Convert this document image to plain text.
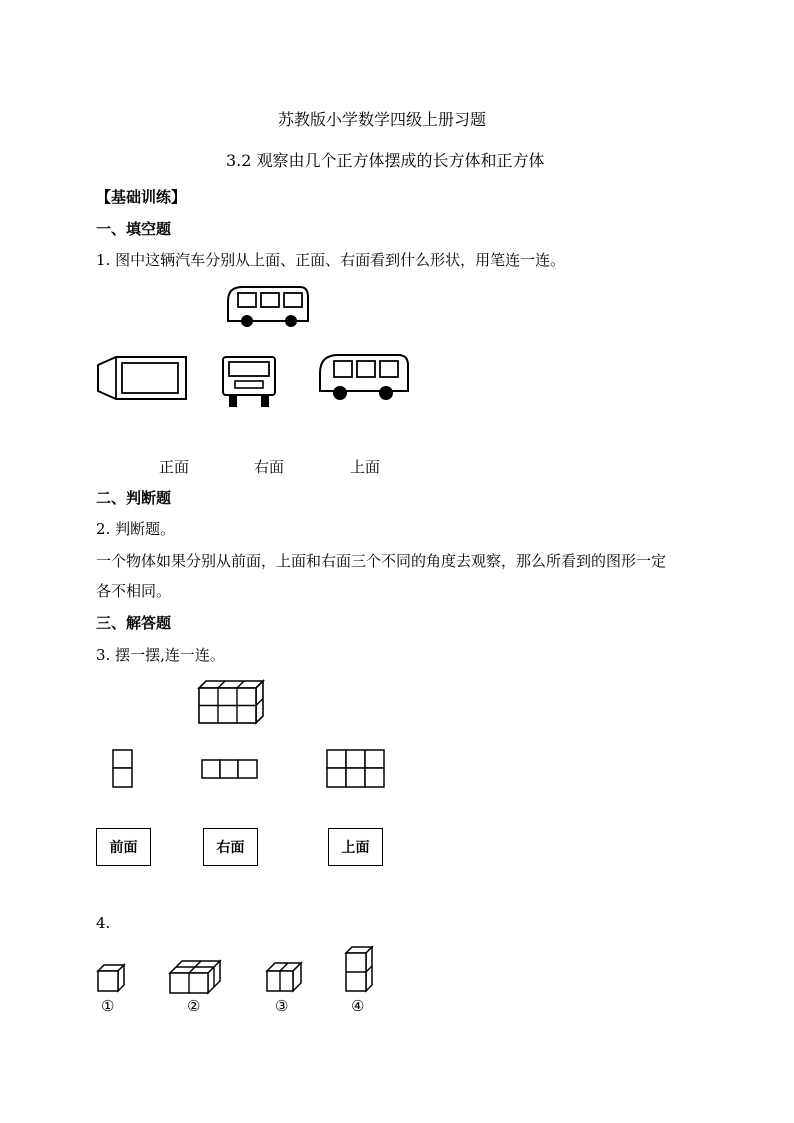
苏教版小学数学四级上册习题
3.2 观察由几个正方体摆成的长方体和正方体
【基础训练】
一、填空题
1. 图中这辆汽车分别从上面、正面、右面看到什么形状，用笔连一连。
正面	右面	上面
二、判断题
2. 判断题。
一个物体如果分别从前面，上面和右面三个不同的角度去观察，那么所看到的图形一定
各不相同。
三、解答题
3. 摆一摆,连一连。
前面	右面	上面
4.
①	②	③	④
